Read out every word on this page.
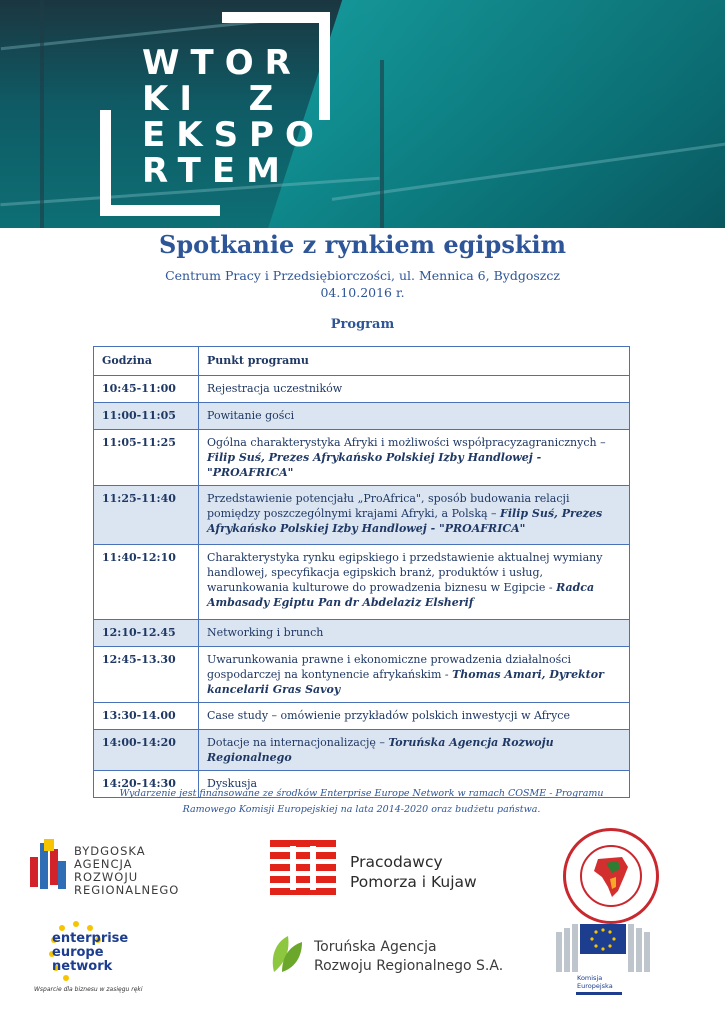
WTOR
KI  Z
EKSPO
RTEM
Spotkanie z rynkiem egipskim
Centrum Pracy i Przedsiębiorczości, ul. Mennica 6, Bydgoszcz
04.10.2016 r.
Program
Godzina	Punkt programu
10:45-11:00	Rejestracja uczestników
11:00-11:05	Powitanie gości
11:05-11:25	Ogólna charakterystyka Afryki i możliwości współpracyzagranicznych – Filip Suś, Prezes Afrykańsko Polskiej Izby Handlowej - "PROAFRICA"
11:25-11:40	Przedstawienie potencjału „ProAfrica", sposób budowania relacji pomiędzy poszczególnymi krajami Afryki, a Polską – Filip Suś, Prezes Afrykańsko Polskiej Izby Handlowej - "PROAFRICA"
11:40-12:10	Charakterystyka rynku egipskiego i przedstawienie aktualnej wymiany handlowej, specyfikacja egipskich branż, produktów i usług, warunkowania kulturowe do prowadzenia biznesu w Egipcie - Radca Ambasady Egiptu Pan dr Abdelaziz Elsherif
12:10-12.45	Networking i brunch
12:45-13.30	Uwarunkowania prawne i ekonomiczne prowadzenia działalności gospodarczej na kontynencie afrykańskim - Thomas Amari, Dyrektor kancelarii Gras Savoy
13:30-14.00	Case study – omówienie przykładów polskich inwestycji w Afryce
14:00-14:20	Dotacje na internacjonalizację – Toruńska Agencja Rozwoju Regionalnego
14:20-14:30	Dyskusja
Wydarzenie jest finansowane ze środków Enterprise Europe Network w ramach COSME - Programu Ramowego Komisji Europejskiej na lata 2014-2020 oraz budżetu państwa.
BYDGOSKA
AGENCJA
ROZWOJU
REGIONALNEGO
Pracodawcy
Pomorza i Kujaw
enterprise
europe
network
Wsparcie dla biznesu w zasięgu ręki
Toruńska Agencja
Rozwoju Regionalnego S.A.
Komisja
Europejska
